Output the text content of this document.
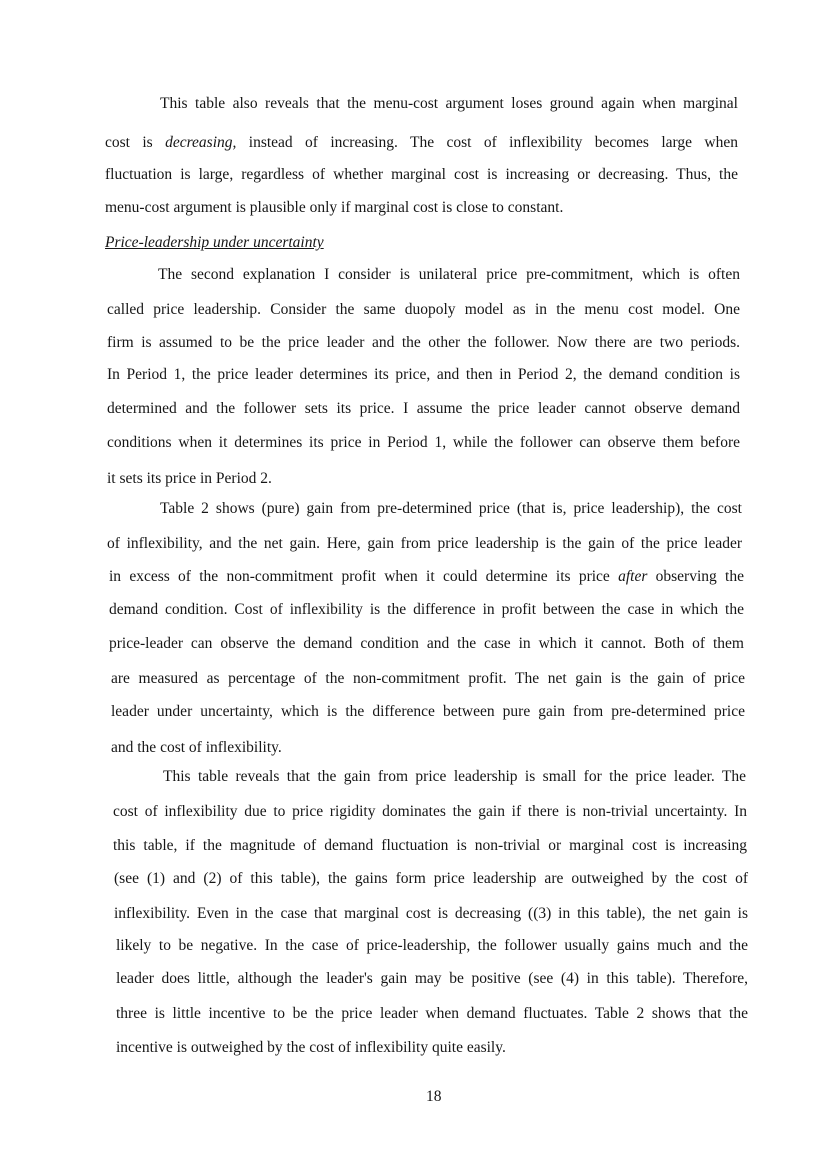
This table also reveals that the menu-cost argument loses ground again when marginal
cost is decreasing, instead of increasing. The cost of inflexibility becomes large when
fluctuation is large, regardless of whether marginal cost is increasing or decreasing. Thus, the
menu-cost argument is plausible only if marginal cost is close to constant.
Price-leadership under uncertainty
The second explanation I consider is unilateral price pre-commitment, which is often
called price leadership. Consider the same duopoly model as in the menu cost model. One
firm is assumed to be the price leader and the other the follower. Now there are two periods.
In Period 1, the price leader determines its price, and then in Period 2, the demand condition is
determined and the follower sets its price. I assume the price leader cannot observe demand
conditions when it determines its price in Period 1, while the follower can observe them before
it sets its price in Period 2.
Table 2 shows (pure) gain from pre-determined price (that is, price leadership), the cost
of inflexibility, and the net gain. Here, gain from price leadership is the gain of the price leader
in excess of the non-commitment profit when it could determine its price after observing the
demand condition. Cost of inflexibility is the difference in profit between the case in which the
price-leader can observe the demand condition and the case in which it cannot. Both of them
are measured as percentage of the non-commitment profit. The net gain is the gain of price
leader under uncertainty, which is the difference between pure gain from pre-determined price
and the cost of inflexibility.
This table reveals that the gain from price leadership is small for the price leader. The
cost of inflexibility due to price rigidity dominates the gain if there is non-trivial uncertainty. In
this table, if the magnitude of demand fluctuation is non-trivial or marginal cost is increasing
(see (1) and (2) of this table), the gains form price leadership are outweighed by the cost of
inflexibility. Even in the case that marginal cost is decreasing ((3) in this table), the net gain is
likely to be negative. In the case of price-leadership, the follower usually gains much and the
leader does little, although the leader's gain may be positive (see (4) in this table). Therefore,
three is little incentive to be the price leader when demand fluctuates. Table 2 shows that the
incentive is outweighed by the cost of inflexibility quite easily.
18
